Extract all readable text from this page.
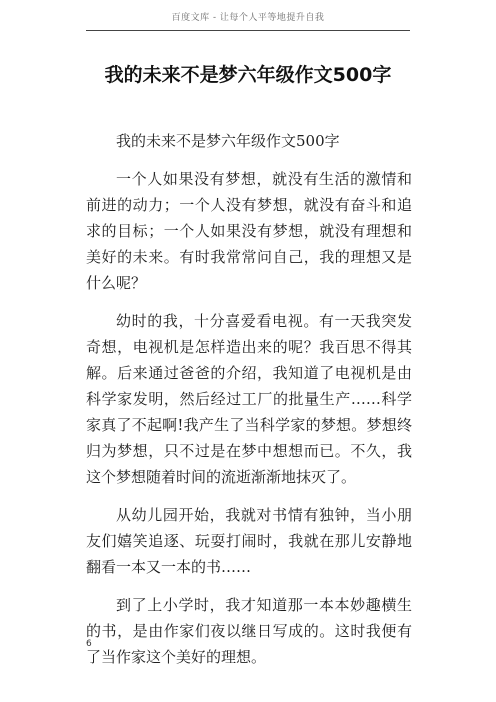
百度文库 - 让每个人平等地提升自我
我的未来不是梦六年级作文500字

我的未来不是梦六年级作文500字

一个人如果没有梦想，就没有生活的激情和前进的动力；一个人没有梦想，就没有奋斗和追求的目标；一个人如果没有梦想，就没有理想和美好的未来。有时我常常问自己，我的理想又是什么呢？

幼时的我，十分喜爱看电视。有一天我突发奇想，电视机是怎样造出来的呢？我百思不得其解。后来通过爸爸的介绍，我知道了电视机是由科学家发明，然后经过工厂的批量生产……科学家真了不起啊!我产生了当科学家的梦想。梦想终归为梦想，只不过是在梦中想想而已。不久，我这个梦想随着时间的流逝渐渐地抹灭了。

从幼儿园开始，我就对书情有独钟，当小朋友们嬉笑追逐、玩耍打闹时，我就在那儿安静地翻看一本又一本的书……

到了上小学时，我才知道那一本本妙趣横生的书，是由作家们夜以继日写成的。这时我便有了当作家这个美好的理想。

6
